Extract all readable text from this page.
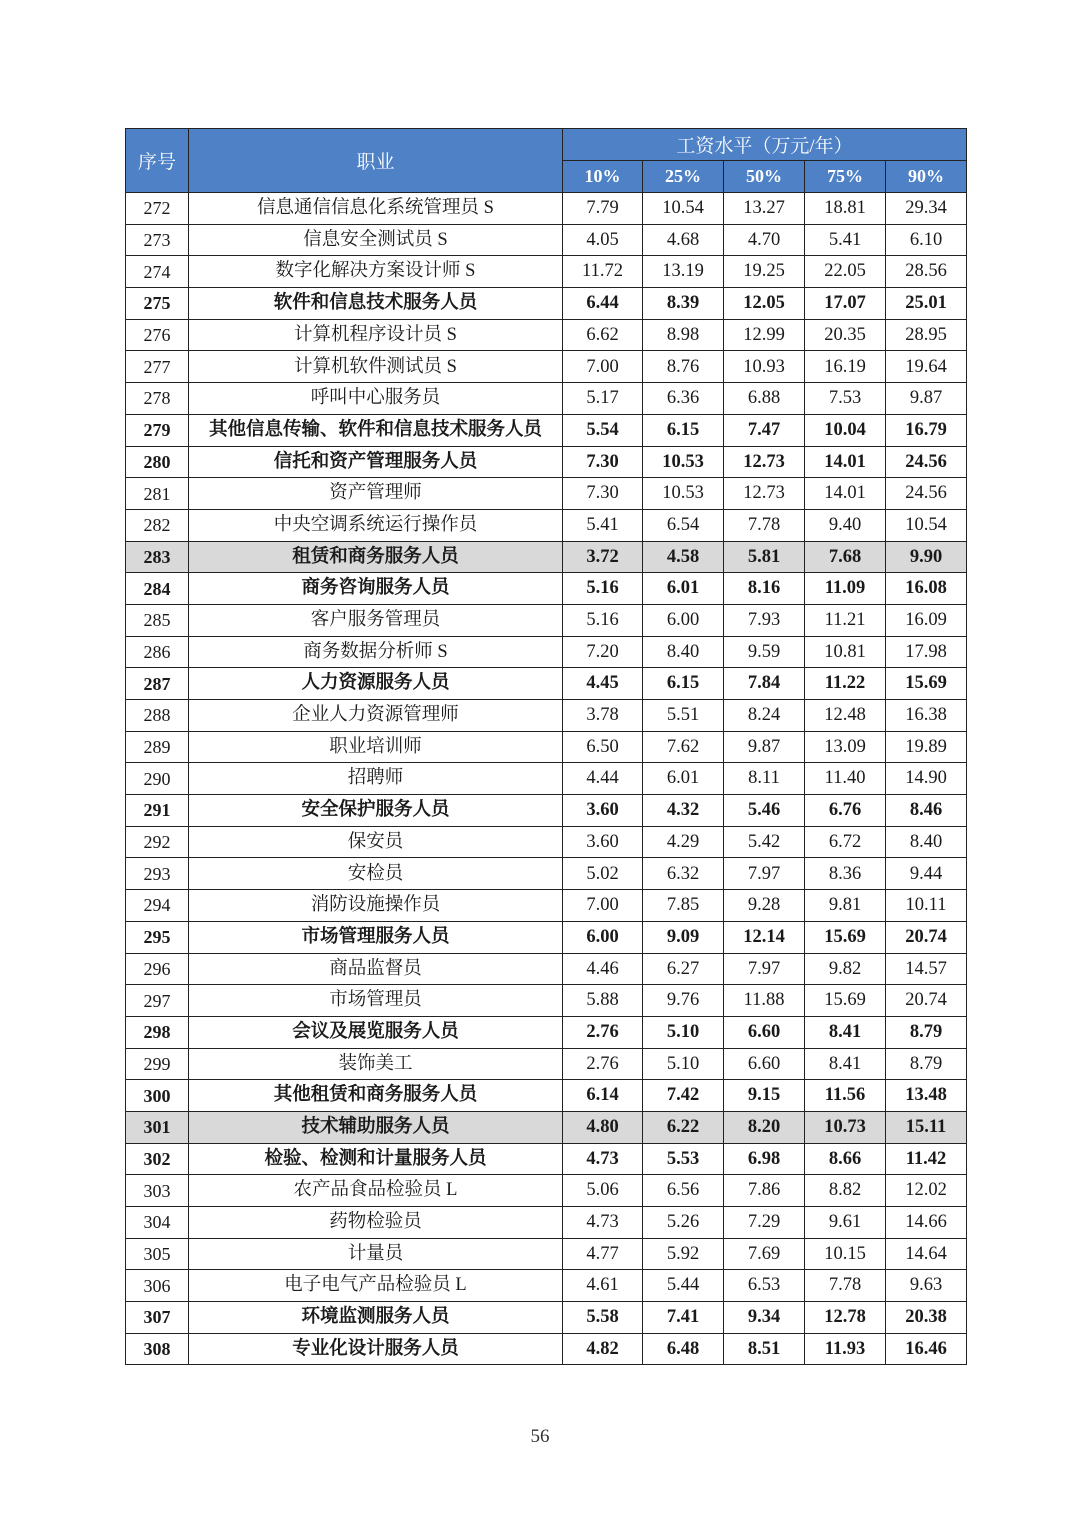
序号	职业	工资水平（万元/年）				
		10%	25%	50%	75%	90%
272	信息通信信息化系统管理员 S	7.79	10.54	13.27	18.81	29.34
273	信息安全测试员 S	4.05	4.68	4.70	5.41	6.10
274	数字化解决方案设计师 S	11.72	13.19	19.25	22.05	28.56
275	软件和信息技术服务人员	6.44	8.39	12.05	17.07	25.01
276	计算机程序设计员 S	6.62	8.98	12.99	20.35	28.95
277	计算机软件测试员 S	7.00	8.76	10.93	16.19	19.64
278	呼叫中心服务员	5.17	6.36	6.88	7.53	9.87
279	其他信息传输、软件和信息技术服务人员	5.54	6.15	7.47	10.04	16.79
280	信托和资产管理服务人员	7.30	10.53	12.73	14.01	24.56
281	资产管理师	7.30	10.53	12.73	14.01	24.56
282	中央空调系统运行操作员	5.41	6.54	7.78	9.40	10.54
283	租赁和商务服务人员	3.72	4.58	5.81	7.68	9.90
284	商务咨询服务人员	5.16	6.01	8.16	11.09	16.08
285	客户服务管理员	5.16	6.00	7.93	11.21	16.09
286	商务数据分析师 S	7.20	8.40	9.59	10.81	17.98
287	人力资源服务人员	4.45	6.15	7.84	11.22	15.69
288	企业人力资源管理师	3.78	5.51	8.24	12.48	16.38
289	职业培训师	6.50	7.62	9.87	13.09	19.89
290	招聘师	4.44	6.01	8.11	11.40	14.90
291	安全保护服务人员	3.60	4.32	5.46	6.76	8.46
292	保安员	3.60	4.29	5.42	6.72	8.40
293	安检员	5.02	6.32	7.97	8.36	9.44
294	消防设施操作员	7.00	7.85	9.28	9.81	10.11
295	市场管理服务人员	6.00	9.09	12.14	15.69	20.74
296	商品监督员	4.46	6.27	7.97	9.82	14.57
297	市场管理员	5.88	9.76	11.88	15.69	20.74
298	会议及展览服务人员	2.76	5.10	6.60	8.41	8.79
299	装饰美工	2.76	5.10	6.60	8.41	8.79
300	其他租赁和商务服务人员	6.14	7.42	9.15	11.56	13.48
301	技术辅助服务人员	4.80	6.22	8.20	10.73	15.11
302	检验、检测和计量服务人员	4.73	5.53	6.98	8.66	11.42
303	农产品食品检验员 L	5.06	6.56	7.86	8.82	12.02
304	药物检验员	4.73	5.26	7.29	9.61	14.66
305	计量员	4.77	5.92	7.69	10.15	14.64
306	电子电气产品检验员 L	4.61	5.44	6.53	7.78	9.63
307	环境监测服务人员	5.58	7.41	9.34	12.78	20.38
308	专业化设计服务人员	4.82	6.48	8.51	11.93	16.46
56
